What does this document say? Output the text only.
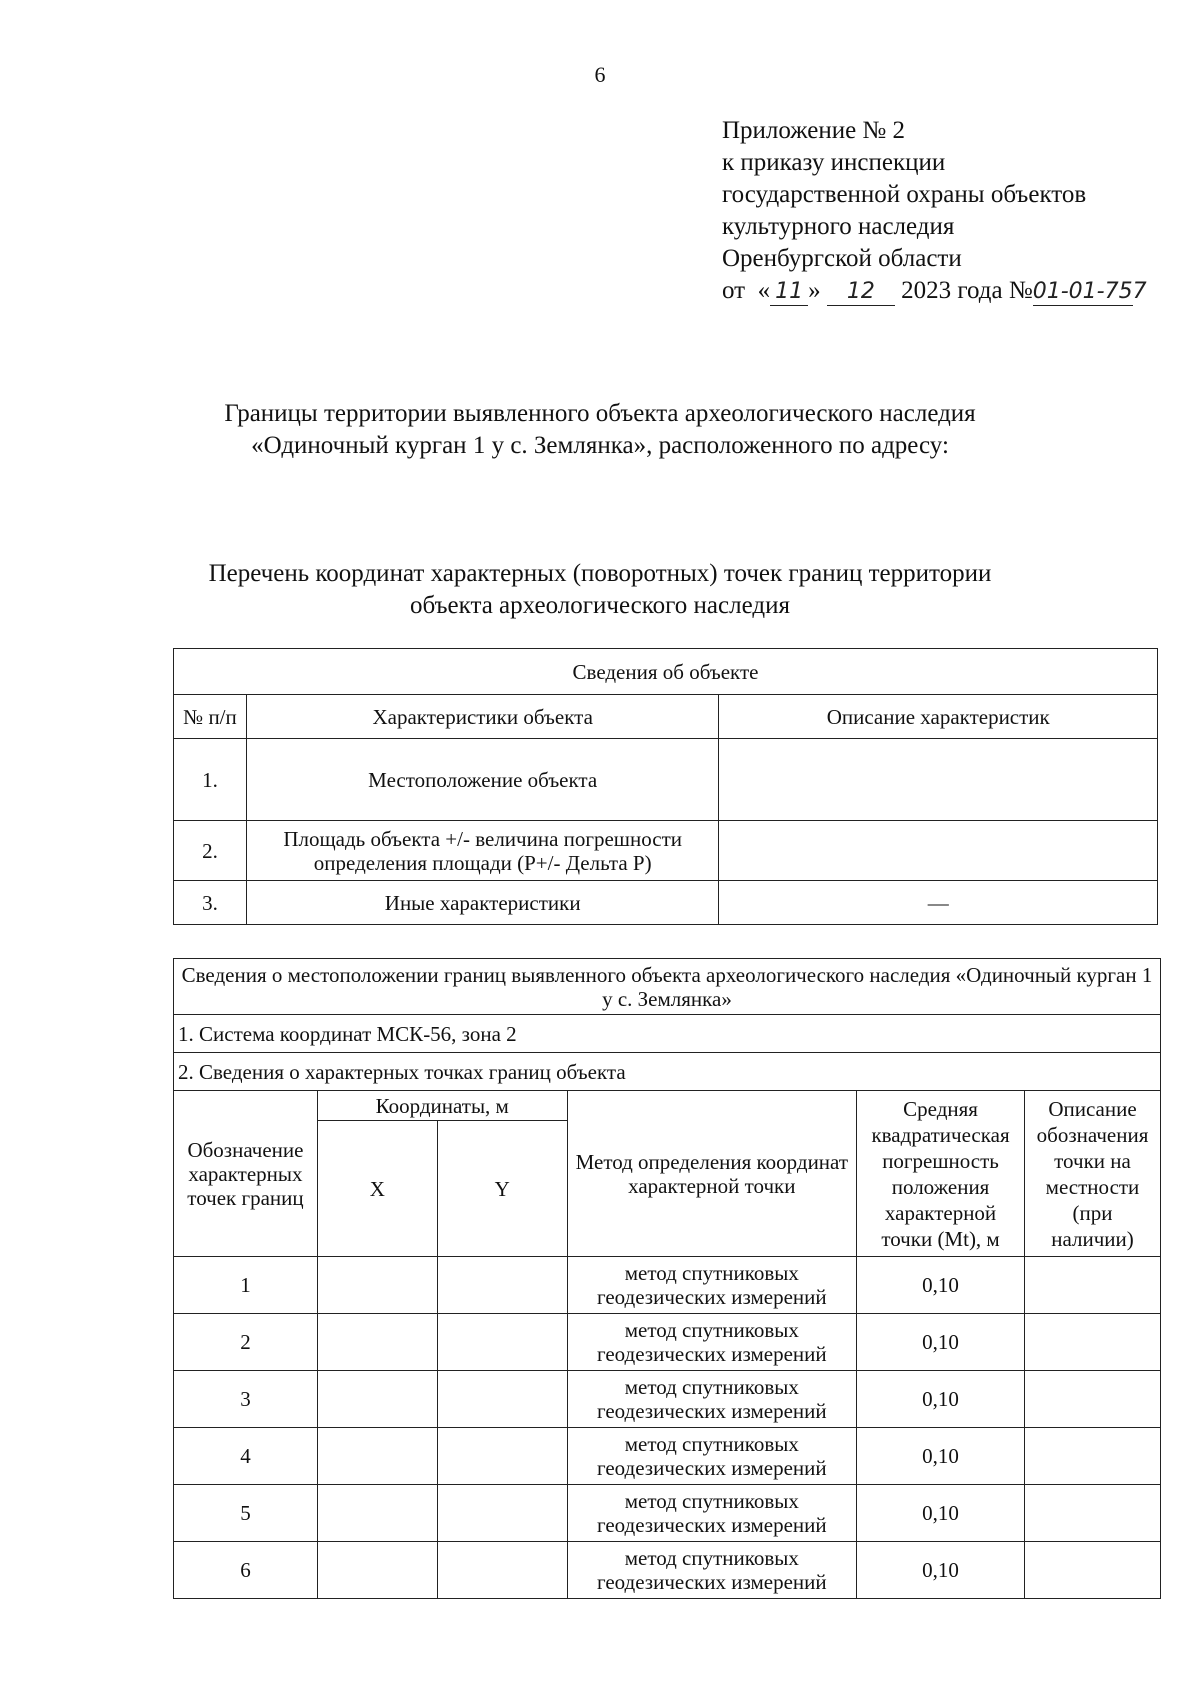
6
Приложение № 2
к приказу инспекции
государственной охраны объектов
культурного наследия
Оренбургской области
от « 11 » 12 2023 года №01-01-757
Границы территории выявленного объекта археологического наследия
«Одиночный курган 1 у с. Землянка», расположенного по адресу:
Перечень координат характерных (поворотных) точек границ территории
объекта археологического наследия
Сведения об объекте		
№ п/п	Характеристики объекта	Описание характеристик
1.	Местоположение объекта	
2.	Площадь объекта +/- величина погрешности определения площади (Р+/- Дельта Р)	
3.	Иные характеристики	—
Сведения о местоположении границ выявленного объекта археологического наследия «Одиночный курган 1 у с. Землянка»					
1. Система координат МСК-56, зона 2					
2. Сведения о характерных точках границ объекта					
Обозначение характерных точек границ	Координаты, м		Метод определения координат характерной точки	Средняя квадратическая погрешность положения характерной точки (Mt), м	Описание обозначения точки на местности (при наличии)
	X	Y			
1			метод спутниковых геодезических измерений	0,10	
2			метод спутниковых геодезических измерений	0,10	
3			метод спутниковых геодезических измерений	0,10	
4			метод спутниковых геодезических измерений	0,10	
5			метод спутниковых геодезических измерений	0,10	
6			метод спутниковых геодезических измерений	0,10	
